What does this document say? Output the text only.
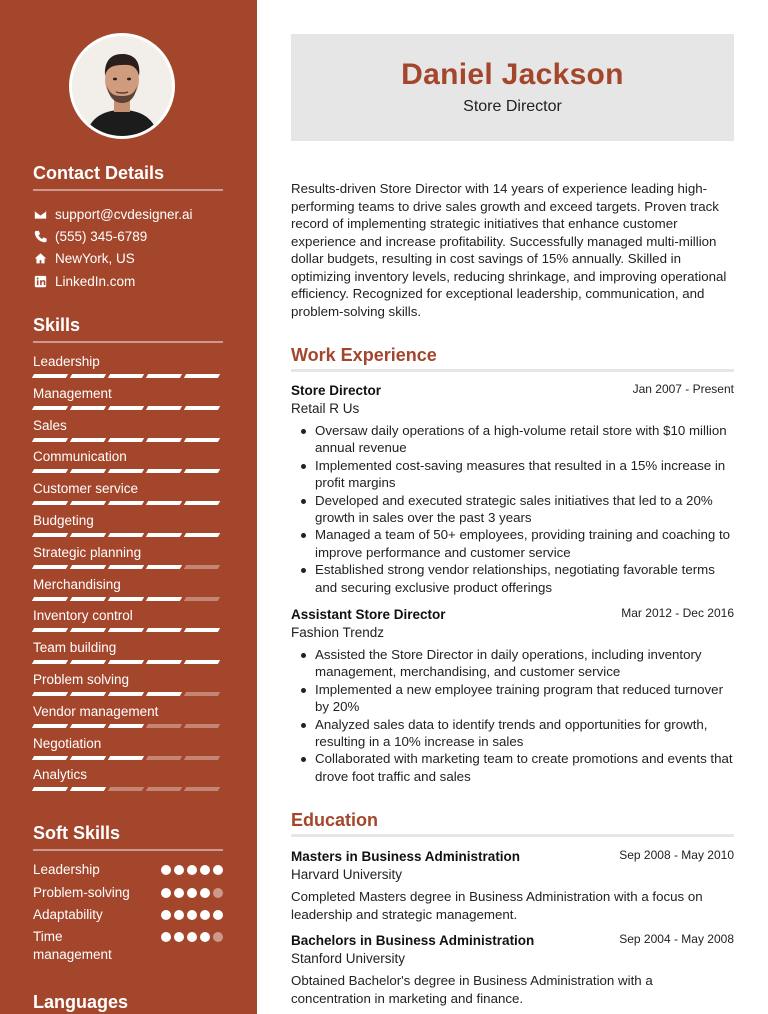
Contact Details
support@cvdesigner.ai
(555) 345-6789
NewYork, US
LinkedIn.com
Skills
Leadership
Management
Sales
Communication
Customer service
Budgeting
Strategic planning
Merchandising
Inventory control
Team building
Problem solving
Vendor management
Negotiation
Analytics
Soft Skills
Leadership
Problem-solving
Adaptability
Time management
Languages
Daniel Jackson
Store Director
Results-driven Store Director with 14 years of experience leading high-performing teams to drive sales growth and exceed targets. Proven track record of implementing strategic initiatives that enhance customer experience and increase profitability. Successfully managed multi-million dollar budgets, resulting in cost savings of 15% annually. Skilled in optimizing inventory levels, reducing shrinkage, and improving operational efficiency. Recognized for exceptional leadership, communication, and problem-solving skills.
Work Experience
Store Director	Jan 2007 - Present
Retail R Us
Oversaw daily operations of a high-volume retail store with $10 million annual revenue
Implemented cost-saving measures that resulted in a 15% increase in profit margins
Developed and executed strategic sales initiatives that led to a 20% growth in sales over the past 3 years
Managed a team of 50+ employees, providing training and coaching to improve performance and customer service
Established strong vendor relationships, negotiating favorable terms and securing exclusive product offerings
Assistant Store Director	Mar 2012 - Dec 2016
Fashion Trendz
Assisted the Store Director in daily operations, including inventory management, merchandising, and customer service
Implemented a new employee training program that reduced turnover by 20%
Analyzed sales data to identify trends and opportunities for growth, resulting in a 10% increase in sales
Collaborated with marketing team to create promotions and events that drove foot traffic and sales
Education
Masters in Business Administration	Sep 2008 - May 2010
Harvard University
Completed Masters degree in Business Administration with a focus on leadership and strategic management.
Bachelors in Business Administration	Sep 2004 - May 2008
Stanford University
Obtained Bachelor's degree in Business Administration with a concentration in marketing and finance.
